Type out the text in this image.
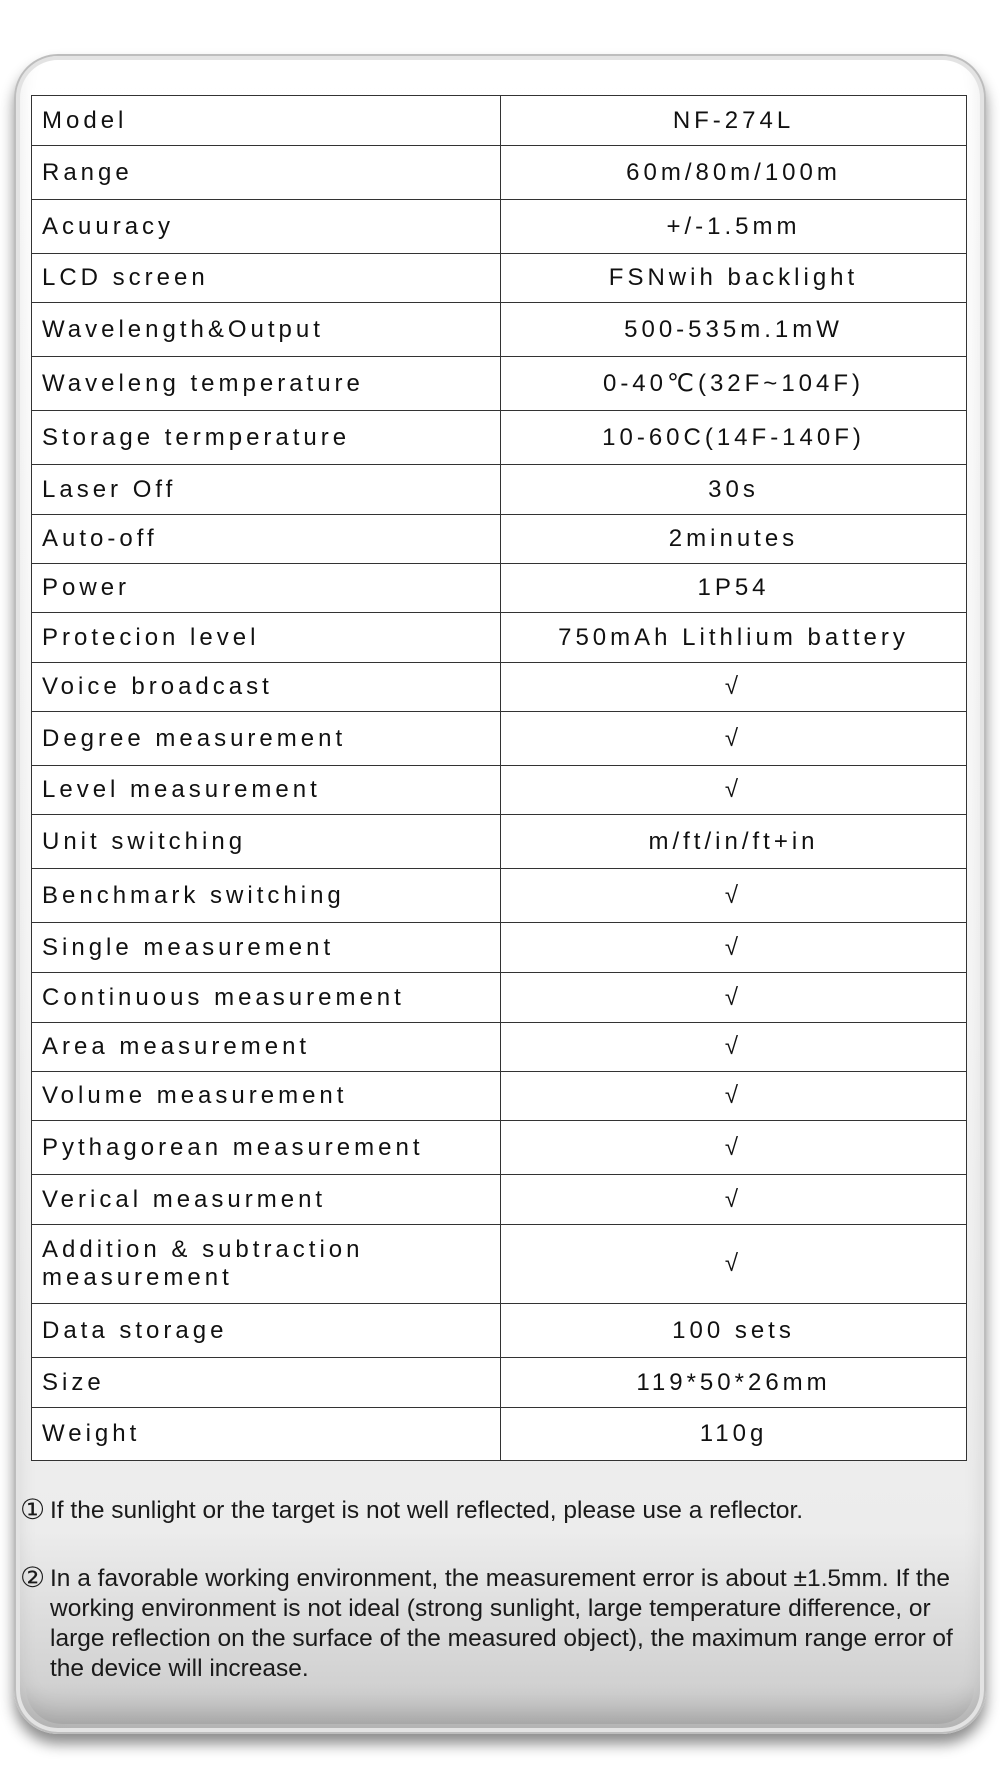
Model	NF-274L
Range	60m/80m/100m
Acuuracy	+/-1.5mm
LCD screen	FSNwih backlight
Wavelength&Output	500-535m.1mW
Waveleng temperature	0-40℃(32F~104F)
Storage termperature	10-60C(14F-140F)
Laser Off	30s
Auto-off	2minutes
Power	1P54
Protecion level	750mAh Lithlium battery
Voice broadcast	√
Degree measurement	√
Level measurement	√
Unit switching	m/ft/in/ft+in
Benchmark switching	√
Single measurement	√
Continuous measurement	√
Area measurement	√
Volume measurement	√
Pythagorean measurement	√
Verical measurment	√
Addition & subtraction measurement	√
Data storage	100 sets
Size	119*50*26mm
Weight	110g
① If the sunlight or the target is not well reflected, please use a reflector.
② In a favorable working environment, the measurement error is about ±1.5mm. If the working environment is not ideal (strong sunlight, large temperature difference, or large reflection on the surface of the measured object), the maximum range error of the device will increase.
